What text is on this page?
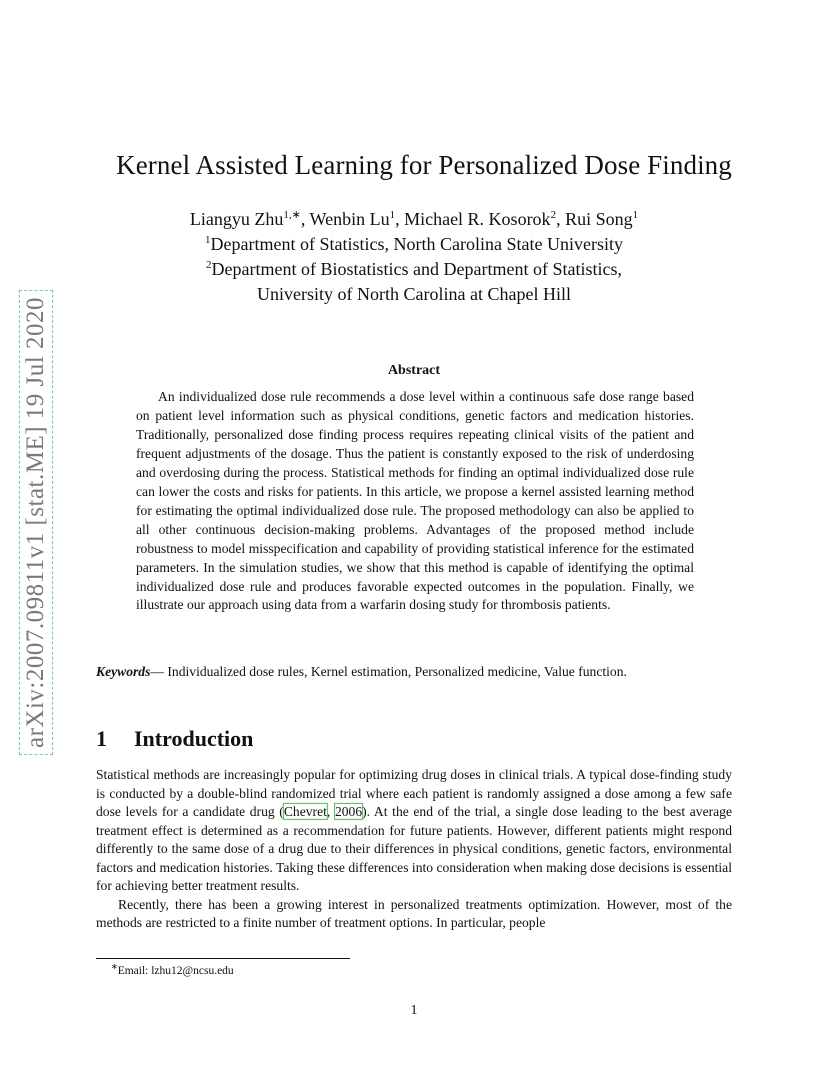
arXiv:2007.09811v1 [stat.ME] 19 Jul 2020
Kernel Assisted Learning for Personalized Dose Finding
Liangyu Zhu$^{1,∗}$, Wenbin Lu$^1$, Michael R. Kosorok$^2$, Rui Song$^1$
$^1$Department of Statistics, North Carolina State University
$^2$Department of Biostatistics and Department of Statistics,
University of North Carolina at Chapel Hill
Abstract

An individualized dose rule recommends a dose level within a continuous safe dose range based on patient level information such as physical conditions, genetic factors and medication histories. Traditionally, personalized dose finding process requires repeating clinical visits of the patient and frequent adjustments of the dosage. Thus the patient is constantly exposed to the risk of underdosing and overdosing during the process. Statistical methods for finding an optimal individualized dose rule can lower the costs and risks for patients. In this article, we propose a kernel assisted learning method for estimating the optimal individualized dose rule. The proposed methodology can also be applied to all other continuous decision-making problems. Advantages of the proposed method include robustness to model misspecification and capability of providing statistical inference for the estimated parameters. In the simulation studies, we show that this method is capable of identifying the optimal individualized dose rule and produces favorable expected outcomes in the population. Finally, we illustrate our approach using data from a warfarin dosing study for thrombosis patients.

Keywords— Individualized dose rules, Kernel estimation, Personalized medicine, Value function.

1 Introduction

Statistical methods are increasingly popular for optimizing drug doses in clinical trials. A typical dose-finding study is conducted by a double-blind randomized trial where each patient is randomly assigned a dose among a few safe dose levels for a candidate drug (Chevret, 2006). At the end of the trial, a single dose leading to the best average treatment effect is determined as a recommendation for future patients. However, different patients might respond differently to the same dose of a drug due to their differences in physical conditions, genetic factors, environmental factors and medication histories. Taking these differences into consideration when making dose decisions is essential for achieving better treatment results.

Recently, there has been a growing interest in personalized treatments optimization. However, most of the methods are restricted to a finite number of treatment options. In particular, people

∗Email: lzhu12@ncsu.edu
1
